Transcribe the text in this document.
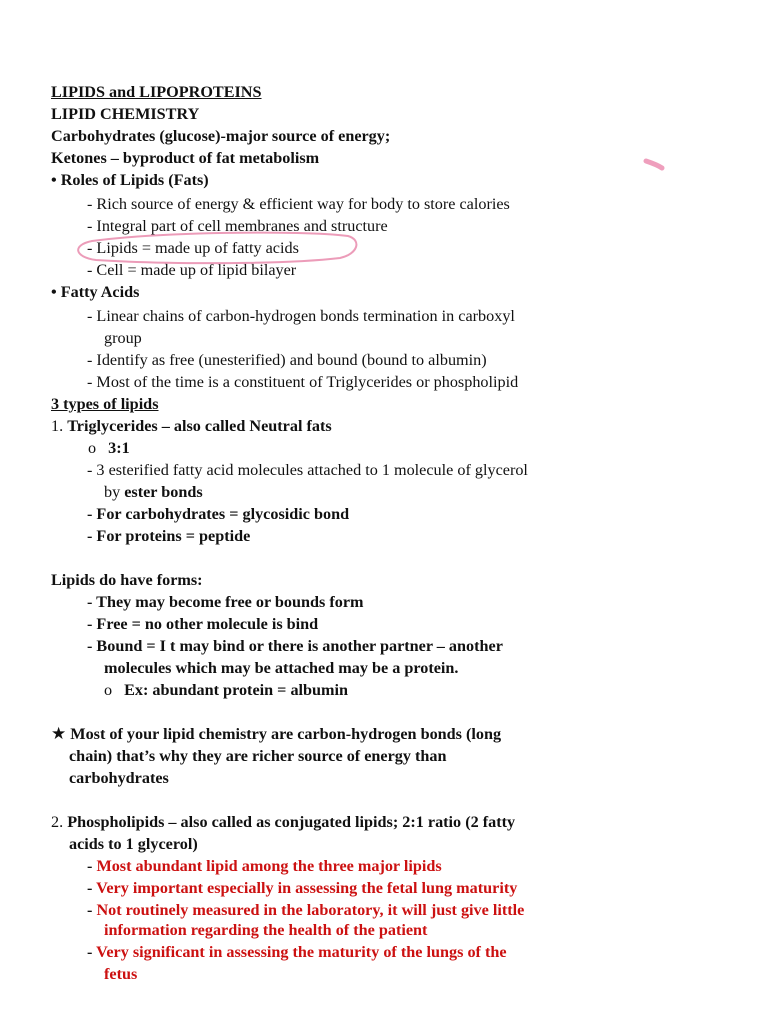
LIPIDS and LIPOPROTEINS
LIPID CHEMISTRY
Carbohydrates (glucose)-major source of energy;
Ketones – byproduct of fat metabolism
• Roles of Lipids (Fats)
- Rich source of energy & efficient way for body to store calories
- Integral part of cell membranes and structure
- Lipids = made up of fatty acids
- Cell = made up of lipid bilayer
• Fatty Acids
- Linear chains of carbon-hydrogen bonds termination in carboxyl
group
- Identify as free (unesterified) and bound (bound to albumin)
- Most of the time is a constituent of Triglycerides or phospholipid
3 types of lipids
1. Triglycerides – also called Neutral fats
o 3:1
- 3 esterified fatty acid molecules attached to 1 molecule of glycerol
by ester bonds
- For carbohydrates = glycosidic bond
- For proteins = peptide
Lipids do have forms:
- They may become free or bounds form
- Free = no other molecule is bind
- Bound = I t may bind or there is another partner – another
molecules which may be attached may be a protein.
o Ex: abundant protein = albumin
★ Most of your lipid chemistry are carbon-hydrogen bonds (long
chain) that’s why they are richer source of energy than
carbohydrates
2. Phospholipids – also called as conjugated lipids; 2:1 ratio (2 fatty
acids to 1 glycerol)
- Most abundant lipid among the three major lipids
- Very important especially in assessing the fetal lung maturity
- Not routinely measured in the laboratory, it will just give little
information regarding the health of the patient
- Very significant in assessing the maturity of the lungs of the
fetus
